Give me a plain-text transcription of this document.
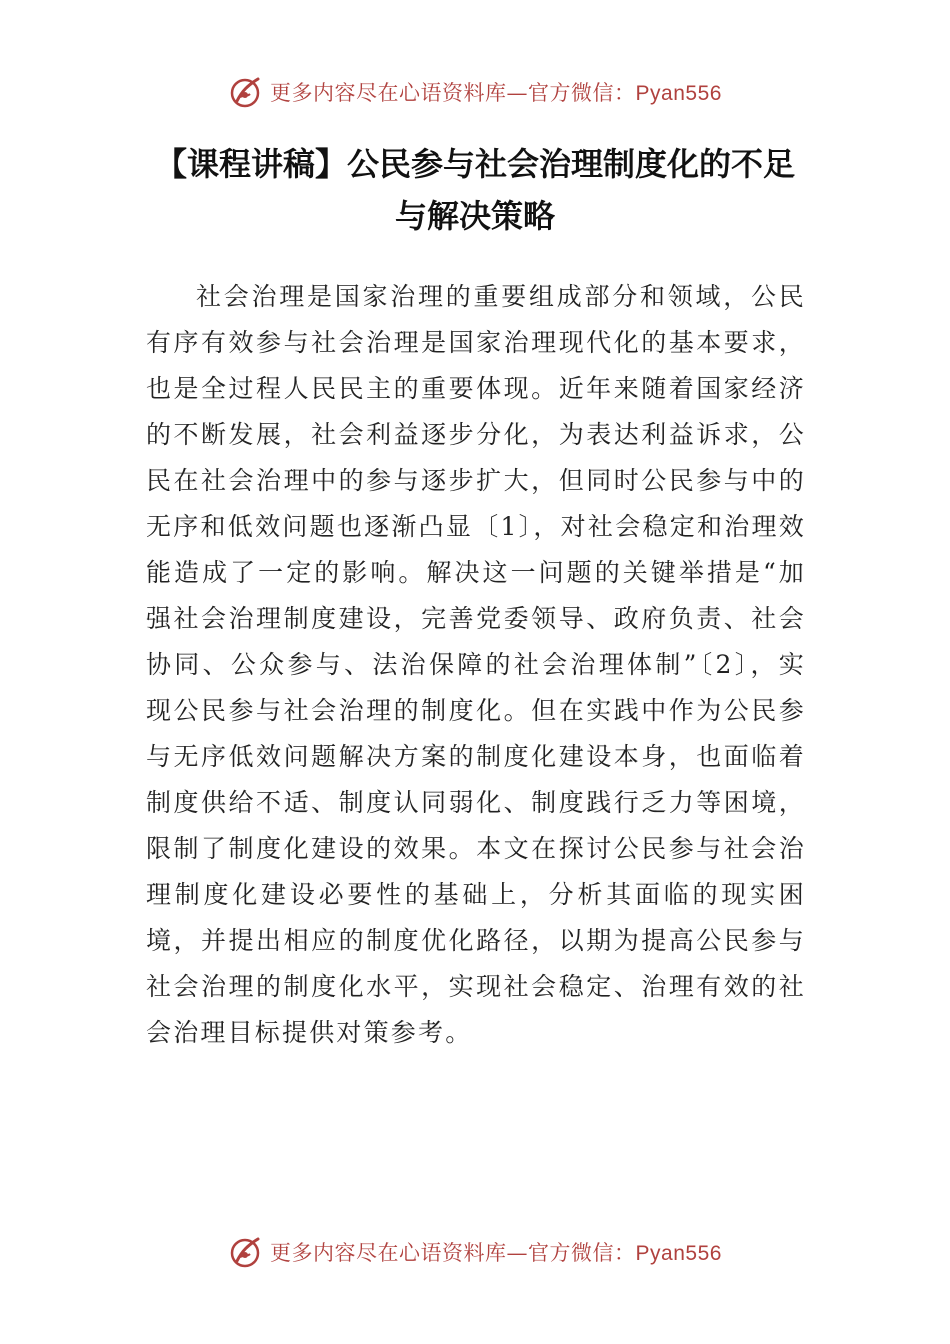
更多内容尽在心语资料库—官方微信：Pyan556
【课程讲稿】公民参与社会治理制度化的不足
与解决策略

社会治理是国家治理的重要组成部分和领域，公民有序有效参与社会治理是国家治理现代化的基本要求，也是全过程人民民主的重要体现。近年来随着国家经济的不断发展，社会利益逐步分化，为表达利益诉求，公民在社会治理中的参与逐步扩大，但同时公民参与中的无序和低效问题也逐渐凸显〔1〕，对社会稳定和治理效能造成了一定的影响。解决这一问题的关键举措是“加强社会治理制度建设，完善党委领导、政府负责、社会协同、公众参与、法治保障的社会治理体制”〔2〕，实现公民参与社会治理的制度化。但在实践中作为公民参与无序低效问题解决方案的制度化建设本身，也面临着制度供给不适、制度认同弱化、制度践行乏力等困境，限制了制度化建设的效果。本文在探讨公民参与社会治理制度化建设必要性的基础上，分析其面临的现实困境，并提出相应的制度优化路径，以期为提高公民参与社会治理的制度化水平，实现社会稳定、治理有效的社会治理目标提供对策参考。

更多内容尽在心语资料库—官方微信：Pyan556
